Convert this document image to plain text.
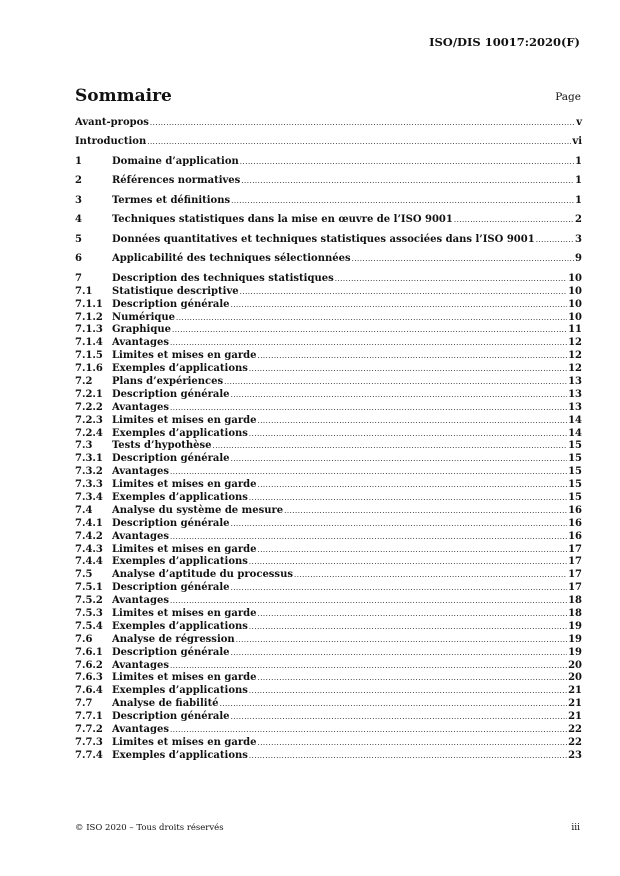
ISO/DIS 10017:2020(F)
Sommaire	Page
Avant-propos .....	v
Introduction .....	vi
1	Domaine d’application .....	1
2	Références normatives .....	1
3	Termes et définitions .....	1
4	Techniques statistiques dans la mise en œuvre de l’ISO 9001 .....	2
5	Données quantitatives et techniques statistiques associées dans l’ISO 9001 .....	3
6	Applicabilité des techniques sélectionnées .....	9
7	Description des techniques statistiques .....	10
7.1	Statistique descriptive .....	10
7.1.1 Description générale .....	10
7.1.2 Numérique .....	10
7.1.3 Graphique .....	11
7.1.4 Avantages .....	12
7.1.5 Limites et mises en garde .....	12
7.1.6 Exemples d’applications .....	12
7.2	Plans d’expériences .....	13
7.2.1 Description générale .....	13
7.2.2 Avantages .....	13
7.2.3 Limites et mises en garde .....	14
7.2.4 Exemples d’applications .....	14
7.3	Tests d’hypothèse .....	15
7.3.1 Description générale .....	15
7.3.2 Avantages .....	15
7.3.3 Limites et mises en garde .....	15
7.3.4 Exemples d’applications .....	15
7.4	Analyse du système de mesure .....	16
7.4.1 Description générale .....	16
7.4.2 Avantages .....	16
7.4.3 Limites et mises en garde .....	17
7.4.4 Exemples d’applications .....	17
7.5	Analyse d’aptitude du processus .....	17
7.5.1 Description générale .....	17
7.5.2 Avantages .....	18
7.5.3 Limites et mises en garde .....	18
7.5.4 Exemples d’applications .....	19
7.6	Analyse de régression .....	19
7.6.1 Description générale .....	19
7.6.2 Avantages .....	20
7.6.3 Limites et mises en garde .....	20
7.6.4 Exemples d’applications .....	21
7.7	Analyse de fiabilité .....	21
7.7.1 Description générale .....	21
7.7.2 Avantages .....	22
7.7.3 Limites et mises en garde .....	22
7.7.4 Exemples d’applications .....	23
© ISO 2020 – Tous droits réservés	iii
